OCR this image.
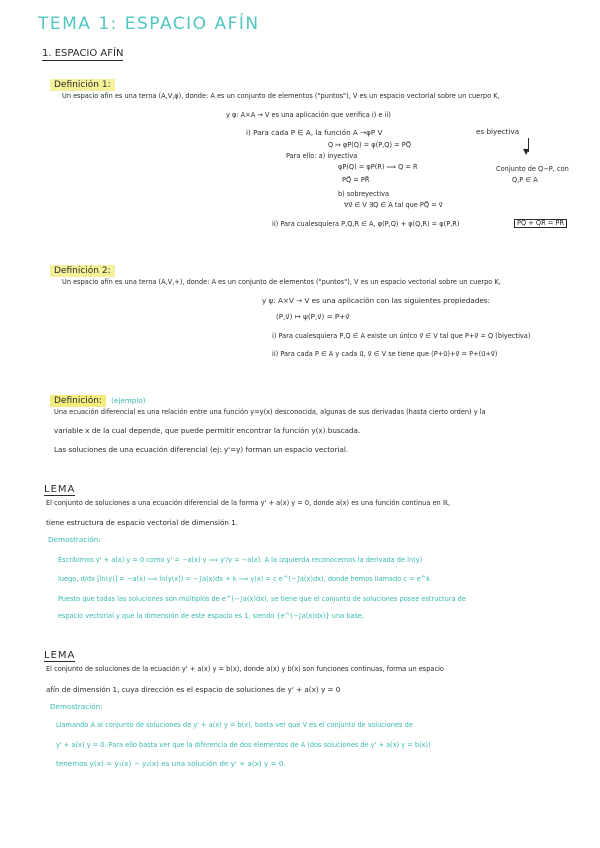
TEMA 1: ESPACIO AFÍN
1. ESPACIO AFÍN
Definición 1:
Un espacio afín es una terna (A,V,φ), donde: A es un conjunto de elementos ("puntos"), V es un espacio vectorial sobre un cuerpo K,
y φ: A×A → V es una aplicación que verifica i) e ii)
i) Para cada P ∈ A, la función A →φP V	es biyectiva
Q ↦ φP(Q) = φ(P,Q) = PQ⃗
▼
Para ello: a) inyectiva
φP(Q) = φP(R) ⟹ Q = R	Conjunto de Q−P, con
Q,P ∈ A
PQ⃗ = PR⃗
b) sobreyectiva
∀v⃗ ∈ V ∃Q ∈ A tal que PQ⃗ = v⃗
ii) Para cualesquiera P,Q,R ∈ A, φ(P,Q) + φ(Q,R) = φ(P,R)	PQ⃗ + QR⃗ = PR⃗
Definición 2:
Un espacio afín es una terna (A,V,+), donde: A es un conjunto de elementos ("puntos"), V es un espacio vectorial sobre un cuerpo K,
y ψ: A×V → V es una aplicación con las siguientes propiedades:
(P,v⃗) ↦ ψ(P,v⃗) = P+v⃗
i) Para cualesquiera P,Q ∈ A existe un único v⃗ ∈ V tal que P+v⃗ = Q (biyectiva)
ii) Para cada P ∈ A y cada u⃗, v⃗ ∈ V se tiene que (P+u⃗)+v⃗ = P+(u⃗+v⃗)
Definición: (ejemplo)
Una ecuación diferencial es una relación entre una función y=y(x) desconocida, algunas de sus derivadas (hasta cierto orden) y la
variable x de la cual depende, que puede permitir encontrar la función y(x) buscada.
Las soluciones de una ecuación diferencial (ej: y'=y) forman un espacio vectorial.
LEMA
El conjunto de soluciones a una ecuación diferencial de la forma y' + a(x) y = 0, donde a(x) es una función continua en ℝ,
tiene estructura de espacio vectorial de dimensión 1.
Demostración:
Escribimos y' + a(x) y = 0 como y' = −a(x) y ⟹ y'/y = −a(x). A la izquierda reconocemos la derivada de ln(y)
luego, d/dx [ln(y)] = −a(x) ⟹ ln(y(x)) = −∫a(x)dx + k ⟹ y(x) = c e^(−∫a(x)dx), donde hemos llamado c = e^k
Puesto que todas las soluciones son múltiplos de e^(−∫a(x)dx), se tiene que el conjunto de soluciones posee estructura de
espacio vectorial y que la dimensión de este espacio es 1, siendo {e^(−∫a(x)dx)} una base.
LEMA
El conjunto de soluciones de la ecuación y' + a(x) y = b(x), donde a(x) y b(x) son funciones continuas, forma un espacio
afín de dimensión 1, cuya dirección es el espacio de soluciones de y' + a(x) y = 0
Demostración:
Llamando A al conjunto de soluciones de y' + a(x) y = b(x), basta ver que V es el conjunto de soluciones de
y' + a(x) y = 0. Para ello basta ver que la diferencia de dos elementos de A (dos soluciones de y' + a(x) y = b(x))
tenemos y(x) = y₁(x) − y₂(x) es una solución de y' + a(x) y = 0.
